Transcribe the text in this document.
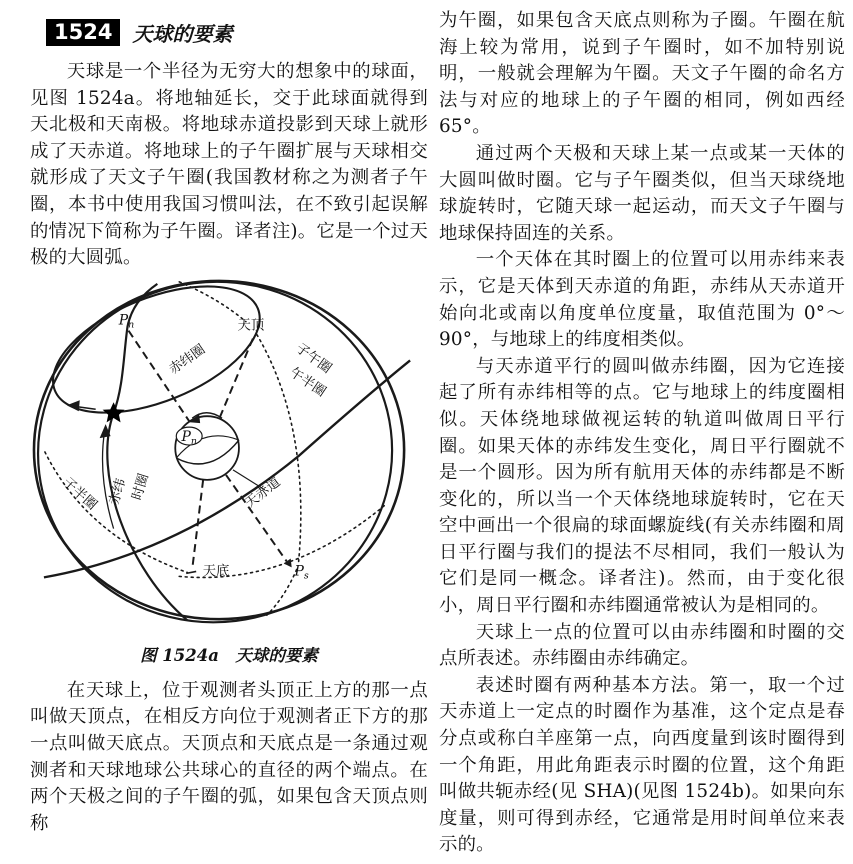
1524	天球的要素

天球是一个半径为无穷大的想象中的球面，见图 1524a。将地轴延长，交于此球面就得到天北极和天南极。将地球赤道投影到天球上就形成了天赤道。将地球上的子午圈扩展与天球相交就形成了天文子午圈(我国教材称之为测者子午圈，本书中使用我国习惯叫法，在不致引起误解的情况下简称为子午圈。译者注)。它是一个过天极的大圆弧。

Pn	天顶
子午圈
午半圈
赤纬圈
Pn
时圈
赤纬
子半圈	天赤道
天底	Ps
图 1524a　天球的要素

在天球上，位于观测者头顶正上方的那一点叫做天顶点，在相反方向位于观测者正下方的那一点叫做天底点。天顶点和天底点是一条通过观测者和天球地球公共球心的直径的两个端点。在两个天极之间的子午圈的弧，如果包含天顶点则称

为午圈，如果包含天底点则称为子圈。午圈在航海上较为常用，说到子午圈时，如不加特别说明，一般就会理解为午圈。天文子午圈的命名方法与对应的地球上的子午圈的相同，例如西经 65°。

通过两个天极和天球上某一点或某一天体的大圆叫做时圈。它与子午圈类似，但当天球绕地球旋转时，它随天球一起运动，而天文子午圈与地球保持固连的关系。

一个天体在其时圈上的位置可以用赤纬来表示，它是天体到天赤道的角距，赤纬从天赤道开始向北或南以角度单位度量，取值范围为 0°～90°，与地球上的纬度相类似。

与天赤道平行的圆叫做赤纬圈，因为它连接起了所有赤纬相等的点。它与地球上的纬度圈相似。天体绕地球做视运转的轨道叫做周日平行圈。如果天体的赤纬发生变化，周日平行圈就不是一个圆形。因为所有航用天体的赤纬都是不断变化的，所以当一个天体绕地球旋转时，它在天空中画出一个很扁的球面螺旋线(有关赤纬圈和周日平行圈与我们的提法不尽相同，我们一般认为它们是同一概念。译者注)。然而，由于变化很小，周日平行圈和赤纬圈通常被认为是相同的。

天球上一点的位置可以由赤纬圈和时圈的交点所表述。赤纬圈由赤纬确定。

表述时圈有两种基本方法。第一，取一个过天赤道上一定点的时圈作为基准，这个定点是春分点或称白羊座第一点，向西度量到该时圈得到一个角距，用此角距表示时圈的位置，这个角距叫做共轭赤经(见 SHA)(见图 1524b)。如果向东度量，则可得到赤经，它通常是用时间单位来表示的。
